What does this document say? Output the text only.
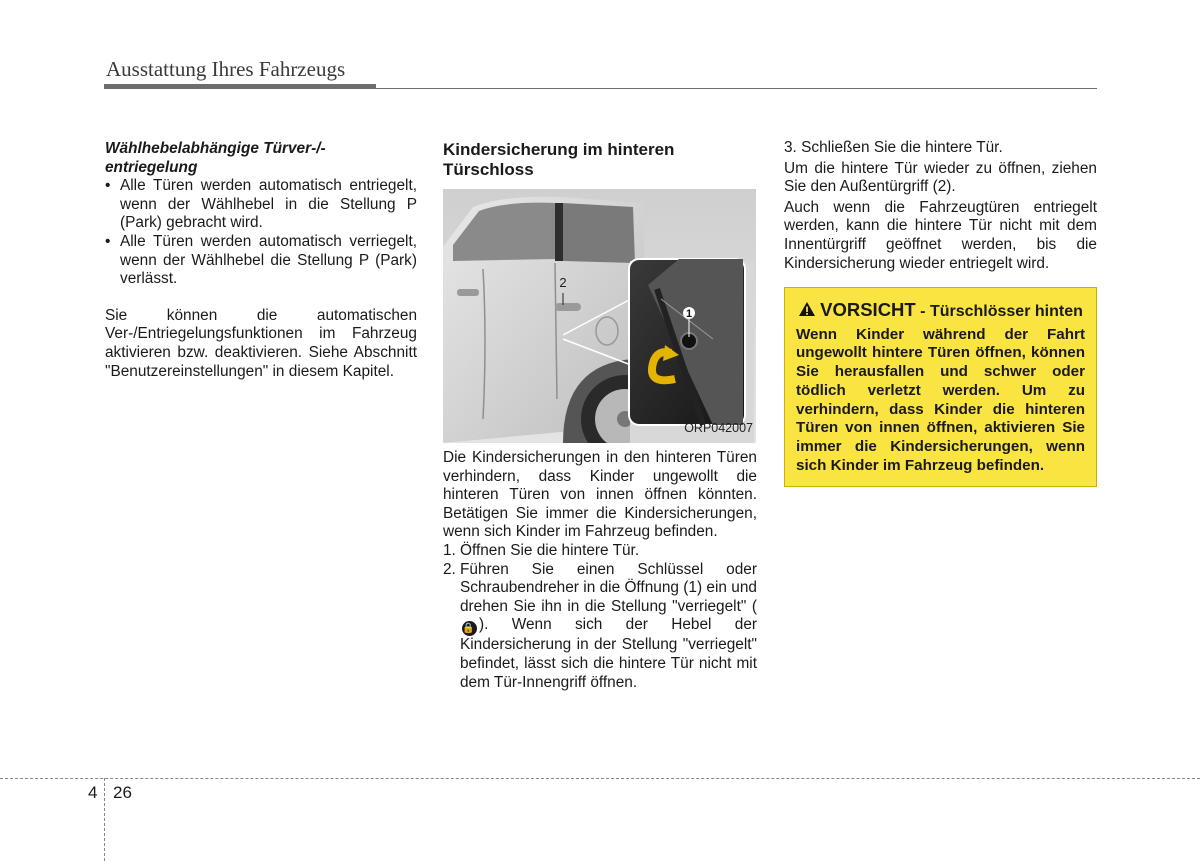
Ausstattung Ihres Fahrzeugs

Wählhebelabhängige Türver-/-entriegelung

• Alle Türen werden automatisch entriegelt, wenn der Wählhebel in die Stellung P (Park) gebracht wird.
• Alle Türen werden automatisch verriegelt, wenn der Wählhebel die Stellung P (Park) verlässt.

Sie können die automatischen Ver-/Entriegelungsfunktionen im Fahrzeug aktivieren bzw. deaktivieren. Siehe Abschnitt "Benutzereinstellungen" in diesem Kapitel.

Kindersicherung im hinteren Türschloss

1
2
ORP042007

Die Kindersicherungen in den hinteren Türen verhindern, dass Kinder ungewollt die hinteren Türen von innen öffnen könnten. Betätigen Sie immer die Kindersicherungen, wenn sich Kinder im Fahrzeug befinden.

1. Öffnen Sie die hintere Tür.
2. Führen Sie einen Schlüssel oder Schraubendreher in die Öffnung (1) ein und drehen Sie ihn in die Stellung "verriegelt" (🔒 ). Wenn sich der Hebel der Kindersicherung in der Stellung "verriegelt" befindet, lässt sich die hintere Tür nicht mit dem Tür-Innengriff öffnen.

3. Schließen Sie die hintere Tür.

Um die hintere Tür wieder zu öffnen, ziehen Sie den Außentürgriff (2).

Auch wenn die Fahrzeugtüren entriegelt werden, kann die hintere Tür nicht mit dem Innentürgriff geöffnet werden, bis die Kindersicherung wieder entriegelt wird.

VORSICHT - Türschlösser hinten
Wenn Kinder während der Fahrt ungewollt hintere Türen öffnen, können Sie herausfallen und schwer oder tödlich verletzt werden. Um zu verhindern, dass Kinder die hinteren Türen von innen öffnen, aktivieren Sie immer die Kindersicherungen, wenn sich Kinder im Fahrzeug befinden.
4 26
